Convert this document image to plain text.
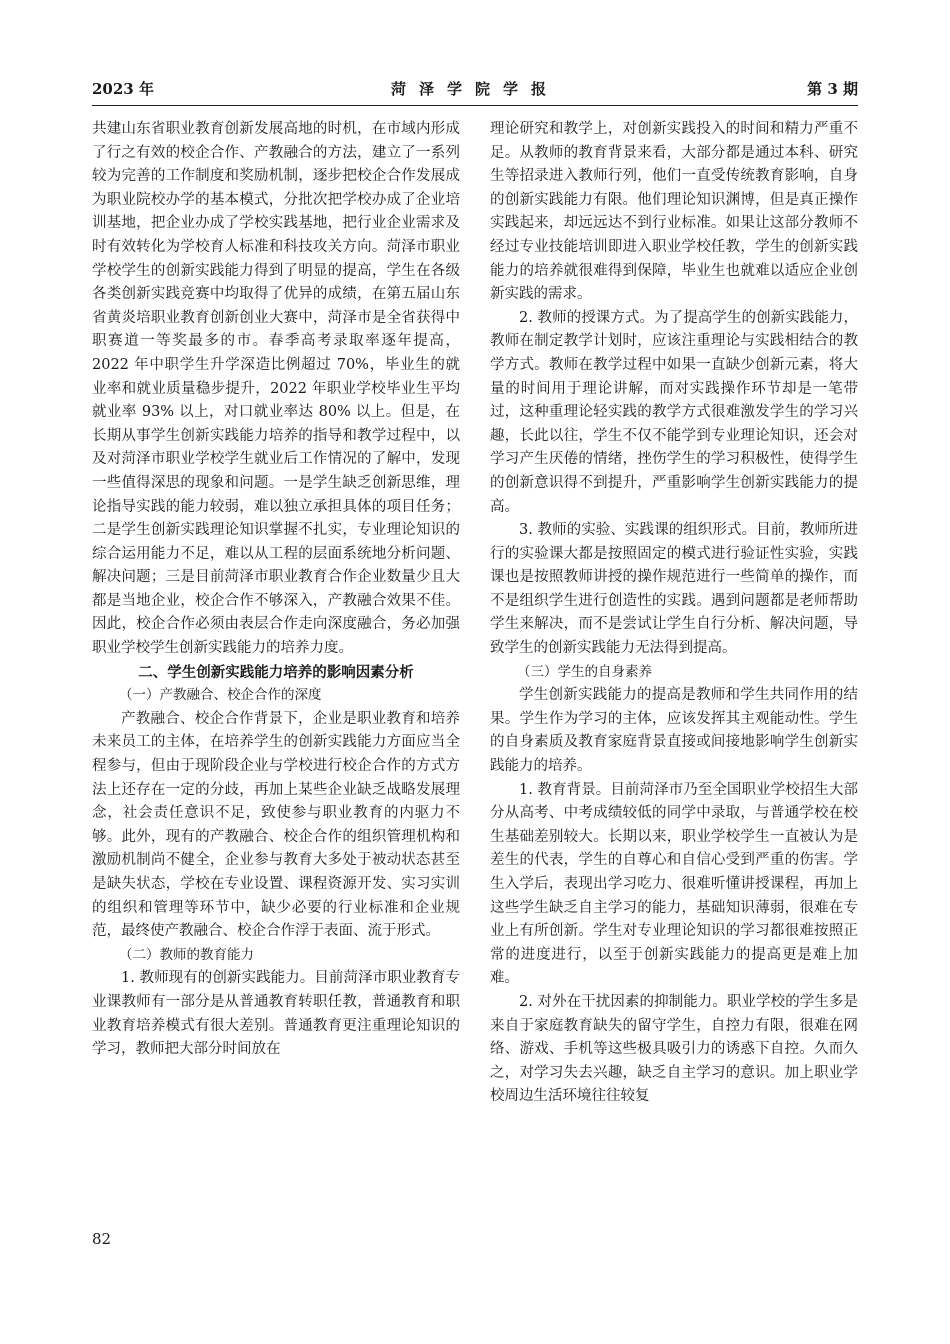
2023 年	菏泽学院学报	第 3 期

共建山东省职业教育创新发展高地的时机，在市域内形成了行之有效的校企合作、产教融合的方法，建立了一系列较为完善的工作制度和奖励机制，逐步把校企合作发展成为职业院校办学的基本模式，分批次把学校办成了企业培训基地，把企业办成了学校实践基地，把行业企业需求及时有效转化为学校育人标准和科技攻关方向。菏泽市职业学校学生的创新实践能力得到了明显的提高，学生在各级各类创新实践竞赛中均取得了优异的成绩，在第五届山东省黄炎培职业教育创新创业大赛中，菏泽市是全省获得中职赛道一等奖最多的市。春季高考录取率逐年提高，2022 年中职学生升学深造比例超过 70%，毕业生的就业率和就业质量稳步提升，2022 年职业学校毕业生平均就业率 93% 以上，对口就业率达 80% 以上。但是，在长期从事学生创新实践能力培养的指导和教学过程中，以及对菏泽市职业学校学生就业后工作情况的了解中，发现一些值得深思的现象和问题。一是学生缺乏创新思维，理论指导实践的能力较弱，难以独立承担具体的项目任务；二是学生创新实践理论知识掌握不扎实，专业理论知识的综合运用能力不足，难以从工程的层面系统地分析问题、解决问题；三是目前菏泽市职业教育合作企业数量少且大都是当地企业，校企合作不够深入，产教融合效果不佳。因此，校企合作必须由表层合作走向深度融合，务必加强职业学校学生创新实践能力的培养力度。

二、学生创新实践能力培养的影响因素分析

（一）产教融合、校企合作的深度

产教融合、校企合作背景下，企业是职业教育和培养未来员工的主体，在培养学生的创新实践能力方面应当全程参与，但由于现阶段企业与学校进行校企合作的方式方法上还存在一定的分歧，再加上某些企业缺乏战略发展理念，社会责任意识不足，致使参与职业教育的内驱力不够。此外，现有的产教融合、校企合作的组织管理机构和激励机制尚不健全，企业参与教育大多处于被动状态甚至是缺失状态，学校在专业设置、课程资源开发、实习实训的组织和管理等环节中，缺少必要的行业标准和企业规范，最终使产教融合、校企合作浮于表面、流于形式。

（二）教师的教育能力

1. 教师现有的创新实践能力。目前菏泽市职业教育专业课教师有一部分是从普通教育转职任教，普通教育和职业教育培养模式有很大差别。普通教育更注重理论知识的学习，教师把大部分时间放在

理论研究和教学上，对创新实践投入的时间和精力严重不足。从教师的教育背景来看，大部分都是通过本科、研究生等招录进入教师行列，他们一直受传统教育影响，自身的创新实践能力有限。他们理论知识渊博，但是真正操作实践起来，却远远达不到行业标准。如果让这部分教师不经过专业技能培训即进入职业学校任教，学生的创新实践能力的培养就很难得到保障，毕业生也就难以适应企业创新实践的需求。

2. 教师的授课方式。为了提高学生的创新实践能力，教师在制定教学计划时，应该注重理论与实践相结合的教学方式。教师在教学过程中如果一直缺少创新元素，将大量的时间用于理论讲解，而对实践操作环节却是一笔带过，这种重理论轻实践的教学方式很难激发学生的学习兴趣，长此以往，学生不仅不能学到专业理论知识，还会对学习产生厌倦的情绪，挫伤学生的学习积极性，使得学生的创新意识得不到提升，严重影响学生创新实践能力的提高。

3. 教师的实验、实践课的组织形式。目前，教师所进行的实验课大都是按照固定的模式进行验证性实验，实践课也是按照教师讲授的操作规范进行一些简单的操作，而不是组织学生进行创造性的实践。遇到问题都是老师帮助学生来解决，而不是尝试让学生自行分析、解决问题，导致学生的创新实践能力无法得到提高。

（三）学生的自身素养

学生创新实践能力的提高是教师和学生共同作用的结果。学生作为学习的主体，应该发挥其主观能动性。学生的自身素质及教育家庭背景直接或间接地影响学生创新实践能力的培养。

1. 教育背景。目前菏泽市乃至全国职业学校招生大部分从高考、中考成绩较低的同学中录取，与普通学校在校生基础差别较大。长期以来，职业学校学生一直被认为是差生的代表，学生的自尊心和自信心受到严重的伤害。学生入学后，表现出学习吃力、很难听懂讲授课程，再加上这些学生缺乏自主学习的能力，基础知识薄弱，很难在专业上有所创新。学生对专业理论知识的学习都很难按照正常的进度进行，以至于创新实践能力的提高更是难上加难。

2. 对外在干扰因素的抑制能力。职业学校的学生多是来自于家庭教育缺失的留守学生，自控力有限，很难在网络、游戏、手机等这些极具吸引力的诱惑下自控。久而久之，对学习失去兴趣，缺乏自主学习的意识。加上职业学校周边生活环境往往较复

82
